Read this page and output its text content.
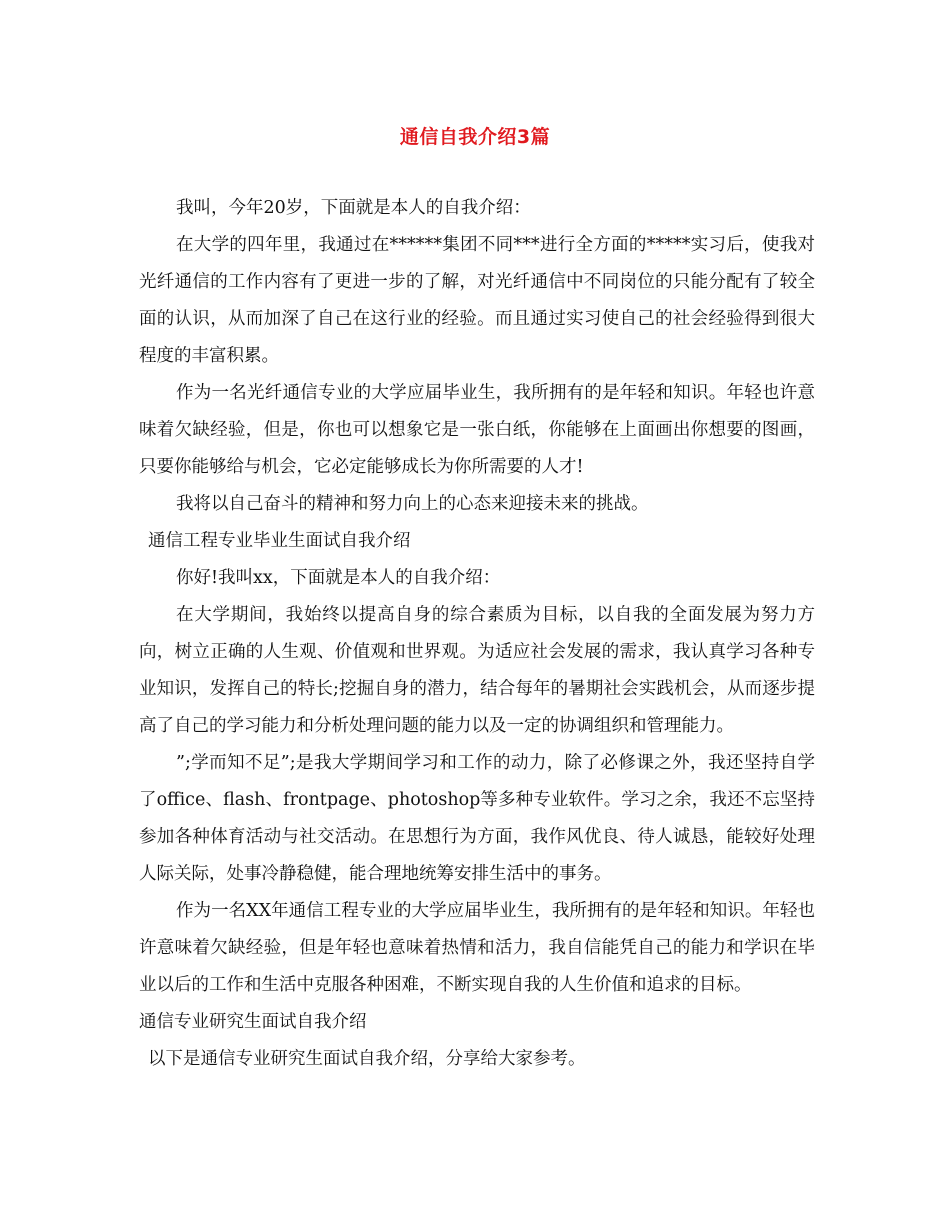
通信自我介绍3篇

我叫，今年20岁，下面就是本人的自我介绍：

在大学的四年里，我通过在******集团不同***进行全方面的*****实习后，使我对光纤通信的工作内容有了更进一步的了解，对光纤通信中不同岗位的只能分配有了较全面的认识，从而加深了自己在这行业的经验。而且通过实习使自己的社会经验得到很大程度的丰富积累。

作为一名光纤通信专业的大学应届毕业生，我所拥有的是年轻和知识。年轻也许意味着欠缺经验，但是，你也可以想象它是一张白纸，你能够在上面画出你想要的图画，只要你能够给与机会，它必定能够成长为你所需要的人才!

我将以自己奋斗的精神和努力向上的心态来迎接未来的挑战。

通信工程专业毕业生面试自我介绍

你好!我叫xx，下面就是本人的自我介绍：

在大学期间，我始终以提高自身的综合素质为目标，以自我的全面发展为努力方向，树立正确的人生观、价值观和世界观。为适应社会发展的需求，我认真学习各种专业知识，发挥自己的特长;挖掘自身的潜力，结合每年的暑期社会实践机会，从而逐步提高了自己的学习能力和分析处理问题的能力以及一定的协调组织和管理能力。

”;学而知不足”;是我大学期间学习和工作的动力，除了必修课之外，我还坚持自学了office、flash、frontpage、photoshop等多种专业软件。学习之余，我还不忘坚持参加各种体育活动与社交活动。在思想行为方面，我作风优良、待人诚恳，能较好处理人际关际，处事冷静稳健，能合理地统筹安排生活中的事务。

作为一名XX年通信工程专业的大学应届毕业生，我所拥有的是年轻和知识。年轻也许意味着欠缺经验，但是年轻也意味着热情和活力，我自信能凭自己的能力和学识在毕业以后的工作和生活中克服各种困难，不断实现自我的人生价值和追求的目标。

通信专业研究生面试自我介绍

以下是通信专业研究生面试自我介绍，分享给大家参考。
